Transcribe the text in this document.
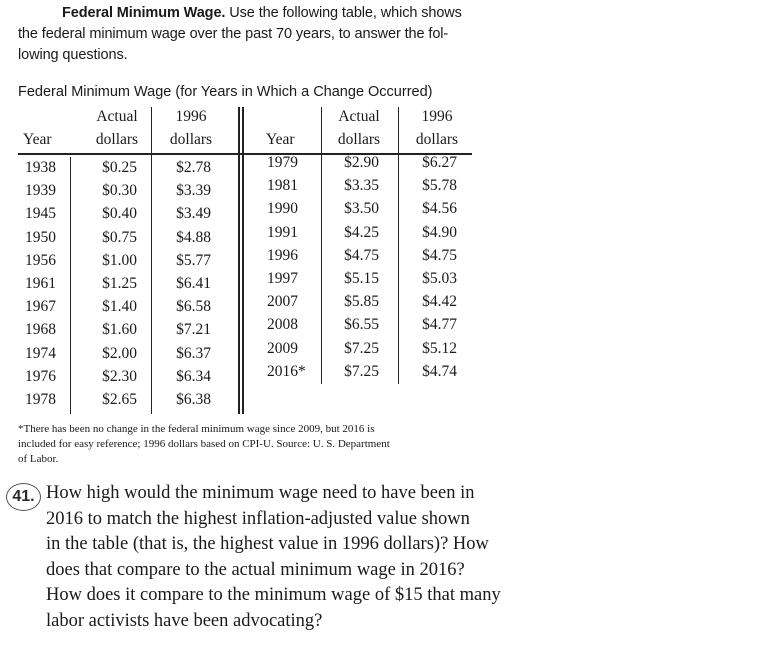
Federal Minimum Wage. Use the following table, which shows
the federal minimum wage over the past 70 years, to answer the fol-
lowing questions.
Federal Minimum Wage (for Years in Which a Change Occurred)
Actual	1996
Year	dollars	dollars
Actual	1996
Year	dollars	dollars
1938	$0.25	$2.78
1939	$0.30	$3.39
1945	$0.40	$3.49
1950	$0.75	$4.88
1956	$1.00	$5.77
1961	$1.25	$6.41
1967	$1.40	$6.58
1968	$1.60	$7.21
1974	$2.00	$6.37
1976	$2.30	$6.34
1978	$2.65	$6.38
1979	$2.90	$6.27
1981	$3.35	$5.78
1990	$3.50	$4.56
1991	$4.25	$4.90
1996	$4.75	$4.75
1997	$5.15	$5.03
2007	$5.85	$4.42
2008	$6.55	$4.77
2009	$7.25	$5.12
2016*	$7.25	$4.74
*There has been no change in the federal minimum wage since 2009, but 2016 is
included for easy reference; 1996 dollars based on CPI-U. Source: U. S. Department
of Labor.
41. How high would the minimum wage need to have been in
2016 to match the highest inflation-adjusted value shown
in the table (that is, the highest value in 1996 dollars)? How
does that compare to the actual minimum wage in 2016?
How does it compare to the minimum wage of $15 that many
labor activists have been advocating?
